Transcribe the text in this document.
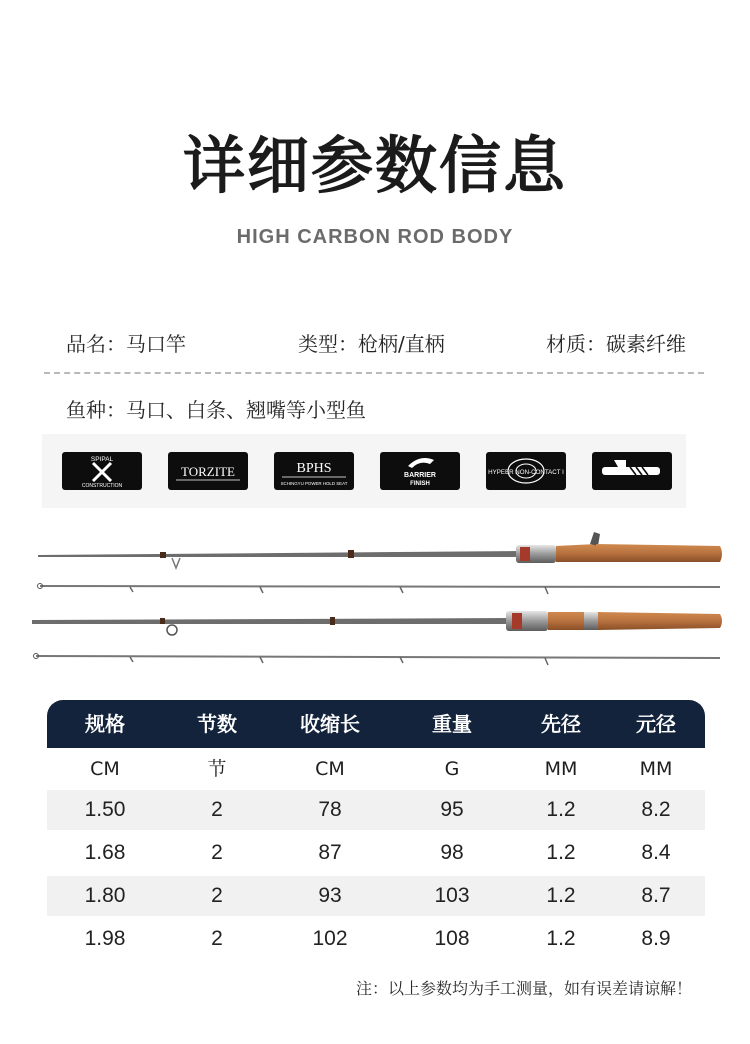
详细参数信息
HIGH CARBON ROD BODY
品名：马口竿	类型：枪柄/直柄	材质：碳素纤维
鱼种：马口、白条、翘嘴等小型鱼
SPIPAL
CONSTRUCTION
TORZITE	BPHS
SCHINGYU POWER HOLD SEAT
BARRIER
FINISH
HYPEER NON-CONTACT I
规格	节数	收缩长	重量	先径	元径
CM	节	CM	G	MM	MM
1.50	2	78	95	1.2	8.2
1.68	2	87	98	1.2	8.4
1.80	2	93	103	1.2	8.7
1.98	2	102	108	1.2	8.9
注：以上参数均为手工测量，如有误差请谅解！
